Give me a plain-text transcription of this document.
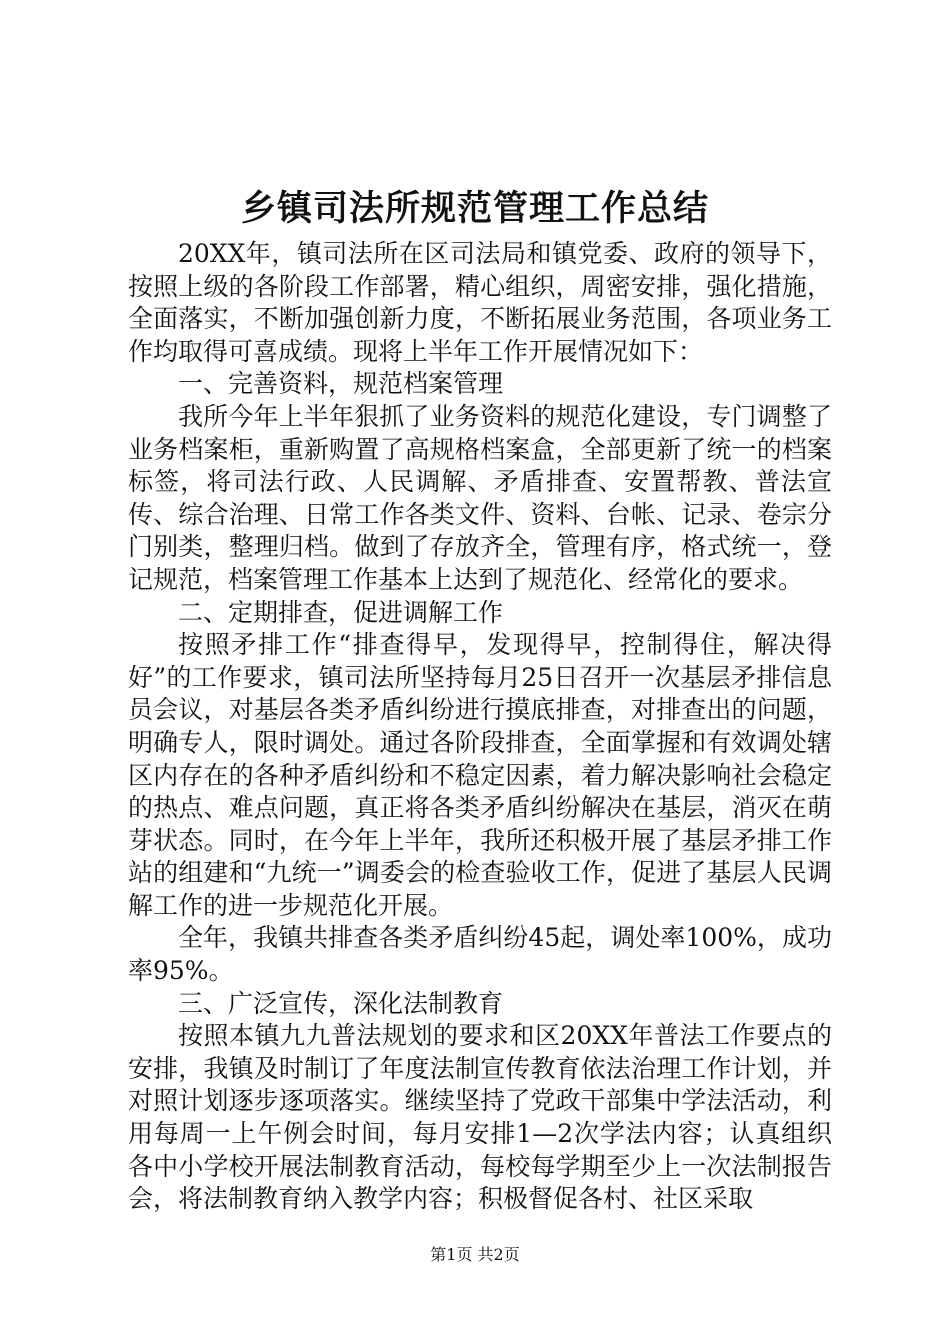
乡镇司法所规范管理工作总结

20XX年，镇司法所在区司法局和镇党委、政府的领导下，按照上级的各阶段工作部署，精心组织，周密安排，强化措施，全面落实，不断加强创新力度，不断拓展业务范围，各项业务工作均取得可喜成绩。现将上半年工作开展情况如下：

一、完善资料，规范档案管理

我所今年上半年狠抓了业务资料的规范化建设，专门调整了业务档案柜，重新购置了高规格档案盒，全部更新了统一的档案标签，将司法行政、人民调解、矛盾排查、安置帮教、普法宣传、综合治理、日常工作各类文件、资料、台帐、记录、卷宗分门别类，整理归档。做到了存放齐全，管理有序，格式统一，登记规范，档案管理工作基本上达到了规范化、经常化的要求。

二、定期排查，促进调解工作

按照矛排工作“排查得早，发现得早，控制得住，解决得好”的工作要求，镇司法所坚持每月25日召开一次基层矛排信息员会议，对基层各类矛盾纠纷进行摸底排查，对排查出的问题，明确专人，限时调处。通过各阶段排查，全面掌握和有效调处辖区内存在的各种矛盾纠纷和不稳定因素，着力解决影响社会稳定的热点、难点问题，真正将各类矛盾纠纷解决在基层，消灭在萌芽状态。同时，在今年上半年，我所还积极开展了基层矛排工作站的组建和“九统一”调委会的检查验收工作，促进了基层人民调解工作的进一步规范化开展。

全年，我镇共排查各类矛盾纠纷45起，调处率100%，成功率95%。

三、广泛宣传，深化法制教育

按照本镇九九普法规划的要求和区20XX年普法工作要点的安排，我镇及时制订了年度法制宣传教育依法治理工作计划，并对照计划逐步逐项落实。继续坚持了党政干部集中学法活动，利用每周一上午例会时间，每月安排1—2次学法内容；认真组织各中小学校开展法制教育活动，每校每学期至少上一次法制报告会，将法制教育纳入教学内容；积极督促各村、社区采取

第1页 共2页
